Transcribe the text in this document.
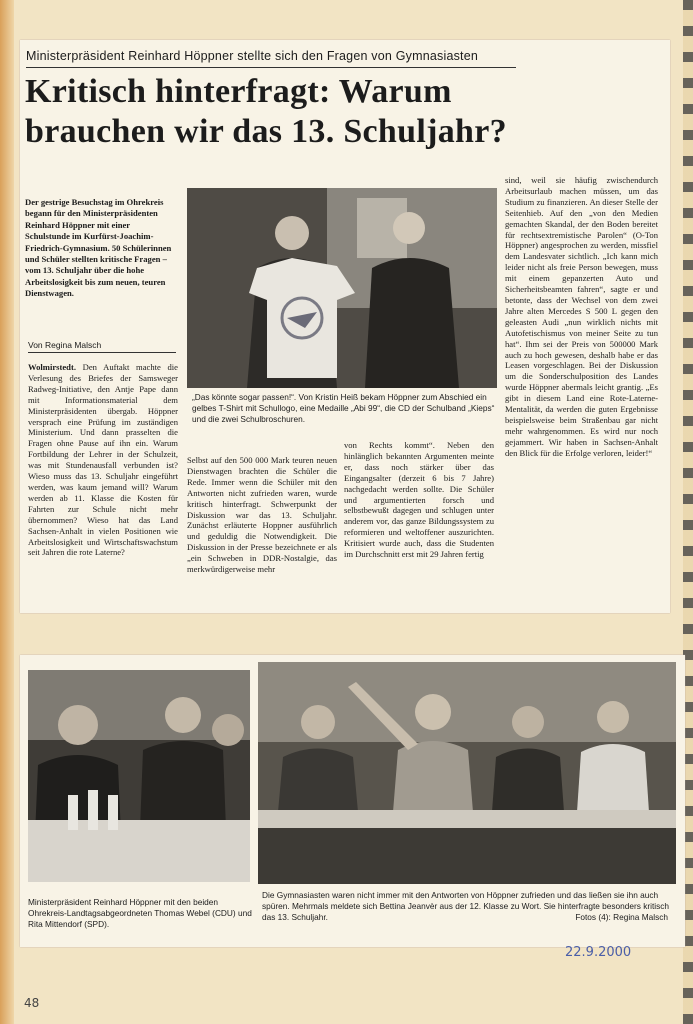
Ministerpräsident Reinhard Höppner stellte sich den Fragen von Gymnasiasten
Kritisch hinterfragt: Warum
brauchen wir das 13. Schuljahr?
Der gestrige Besuchstag im Ohrekreis begann für den Ministerpräsidenten Reinhard Höppner mit einer Schulstunde im Kurfürst-Joachim-Friedrich-Gymnasium. 50 Schülerinnen und Schüler stellten kritische Fragen – vom 13. Schuljahr über die hohe Arbeitslosigkeit bis zum neuen, teuren Dienstwagen.
Von Regina Malsch
Wolmirstedt. Den Auftakt machte die Verlesung des Briefes der Samsweger Radweg-Initiative, den Antje Pape dann mit Informationsmaterial dem Ministerpräsidenten übergab. Höppner versprach eine Prüfung im zuständigen Ministerium. Und dann prasselten die Fragen ohne Pause auf ihn ein. Warum Fortbildung der Lehrer in der Schulzeit, was mit Stundenausfall verbunden ist? Wieso muss das 13. Schuljahr eingeführt werden, was kaum jemand will? Warum werden ab 11. Klasse die Kosten für Fahrten zur Schule nicht mehr übernommen? Wieso hat das Land Sachsen-Anhalt in vielen Positionen wie Arbeitslosigkeit und Wirtschaftswachstum seit Jahren die rote Laterne?
„Das könnte sogar passen!“. Von Kristin Heiß bekam Höppner zum Abschied ein gelbes T-Shirt mit Schullogo, eine Medaille „Abi 99“, die CD der Schulband „Kieps“ und die zwei Schulbroschuren.
Selbst auf den 500 000 Mark teuren neuen Dienstwagen brachten die Schüler die Rede. Immer wenn die Schüler mit den Antworten nicht zufrieden waren, wurde kritisch hinterfragt. Schwerpunkt der Diskussion war das 13. Schuljahr. Zunächst erläuterte Hoppner ausführlich und geduldig die Notwendigkeit. Die Diskussion in der Presse bezeichnete er als „ein Schweben in DDR-Nostalgie, das merkwürdigerweise mehr
von Rechts kommt“. Neben den hinlänglich bekannten Argumenten meinte er, dass noch stärker über das Eingangsalter (derzeit 6 bis 7 Jahre) nachgedacht werden sollte. Die Schüler und argumentierten forsch und selbstbewußt dagegen und schlugen unter anderem vor, das ganze Bildungssystem zu reformieren und weltoffener auszurichten. Kritisiert wurde auch, dass die Studenten im Durchschnitt erst mit 29 Jahren fertig
sind, weil sie häufig zwischendurch Arbeitsurlaub machen müssen, um das Studium zu finanzieren. An dieser Stelle der Seitenhieb. Auf den „von den Medien gemachten Skandal, der den Boden bereitet für rechtsextremistische Parolen“ (O-Ton Höppner) angesprochen zu werden, missfiel dem Landesvater sichtlich. „Ich kann mich leider nicht als freie Person bewegen, muss mit einem gepanzerten Auto und Sicherheitsbeamten fahren“, sagte er und betonte, dass der Wechsel von dem zwei Jahre alten Mercedes S 500 L gegen den geleasten Audi „nun wirklich nichts mit Autofetischismus von meiner Seite zu tun hat“. Ihm sei der Preis von 500000 Mark auch zu hoch gewesen, deshalb habe er das Leasen vorgeschlagen. Bei der Diskussion um die Sonderschulposition des Landes wurde Höppner abermals leicht grantig. „Es gibt in diesem Land eine Rote-Laterne-Mentalität, da werden die guten Ergebnisse beispielsweise beim Straßenbau gar nicht mehr wahrgenommen. Es wird nur noch gejammert. Wir haben in Sachsen-Anhalt den Blick für die Erfolge verloren, leider!“
Ministerpräsident Reinhard Höppner mit den beiden Ohrekreis-Landtagsabgeordneten Thomas Webel (CDU) und Rita Mittendorf (SPD).
Die Gymnasiasten waren nicht immer mit den Antworten von Höppner zufrieden und das ließen sie ihn auch spüren. Mehrmals meldete sich Bettina Jeanvèr aus der 12. Klasse zu Wort. Sie hinterfragte besonders kritisch das 13. Schuljahr.	Fotos (4): Regina Malsch
22.9.2000
48
